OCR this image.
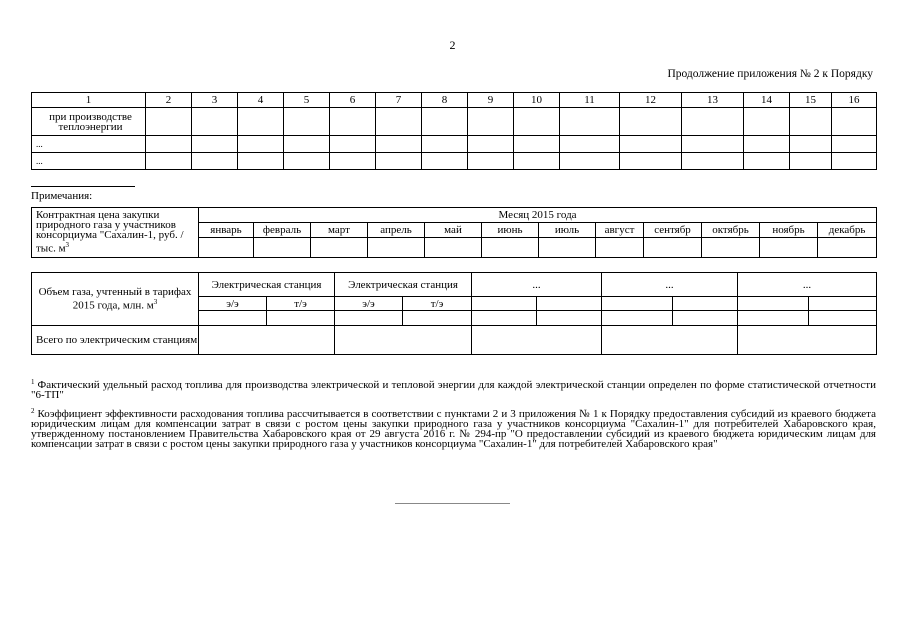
2
Продолжение приложения № 2 к Порядку
1	2	3	4	5	6	7	8	9	10	11	12	13	14	15	16

при производстве теплоэнергии															

...															
...															
Примечания:
Контрактная цена закупки природного газа у участников консорциума "Сахалин-1, руб. / тыс. $м^3$	Месяц 2015 года											
	январь	февраль	март	апрель	май	июнь	июль	август	сентябр	октябрь	ноябрь	декабрь

Объем газа, учтенный в тарифах 2015 года, млн. $м^3$	Электрическая станция		Электрическая станция		...		...		...	
	э/э	т/э	э/э	т/э						

Всего по электрическим станциям										
$^1$ Фактический удельный расход топлива для производства электрической и тепловой энергии для каждой электрической станции определен по форме статистической отчетности "6-ТП"
$^2$ Коэффициент эффективности расходования топлива рассчитывается в соответствии с пунктами 2 и 3 приложения № 1 к Порядку предоставления субсидий из краевого бюджета юридическим лицам для компенсации затрат в связи с ростом цены закупки природного газа у участников консорциума "Сахалин-1" для потребителей Хабаровского края, утвержденному постановлением Правительства Хабаровского края от 29 августа 2016 г. № 294-пр "О предоставлении субсидий из краевого бюджета юридическим лицам для компенсации затрат в связи с ростом цены закупки природного газа у участников консорциума "Сахалин-1" для потребителей Хабаровского края"
